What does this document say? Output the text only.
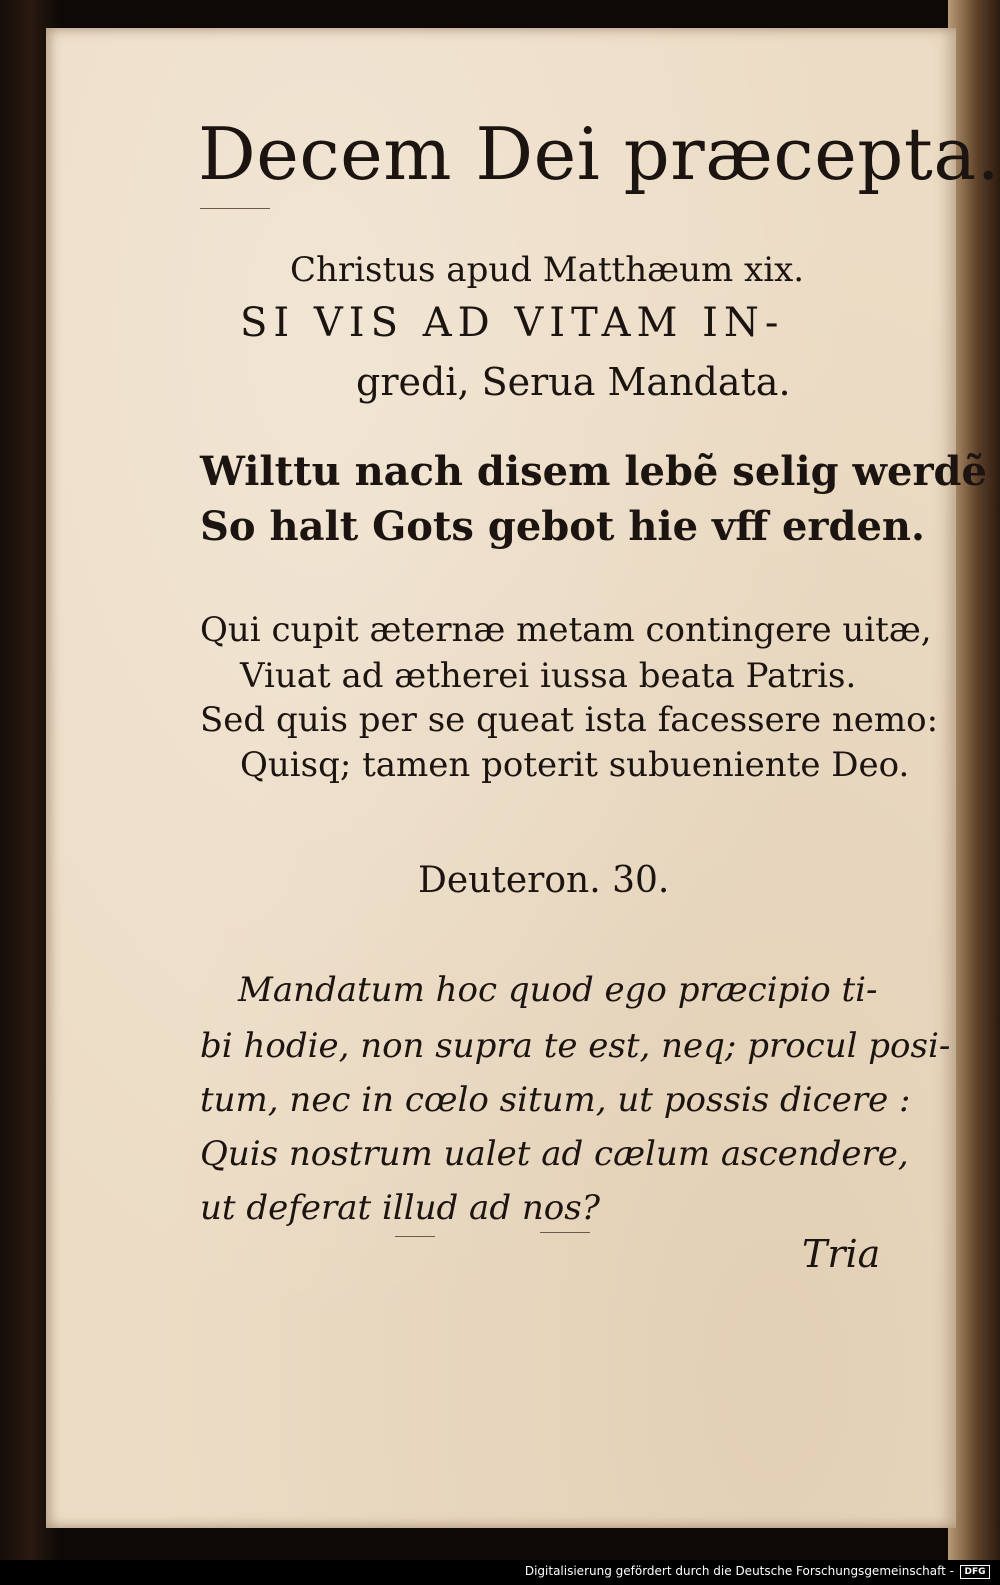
Decem Dei præcepta.

Christus apud Matthæum xix.

SI VIS AD VITAM IN-

gredi, Serua Mandata.

Wilttu nach disem lebẽ selig werdẽ

So halt Gots gebot hie vff erden.

Qui cupit æternæ metam contingere uitæ,

Viuat ad ætherei iussa beata Patris.

Sed quis per se queat ista facessere nemo:

Quisq; tamen poterit subueniente Deo.

Deuteron. 30.

Mandatum hoc quod ego præcipio ti-

bi hodie, non supra te est, neq; procul posi-

tum, nec in cœlo situm, ut possis dicere :

Quis nostrum ualet ad cælum ascendere,

ut deferat illud ad nos?

Tria

Digitalisierung gefördert durch die Deutsche Forschungsgemeinschaft -	DFG
